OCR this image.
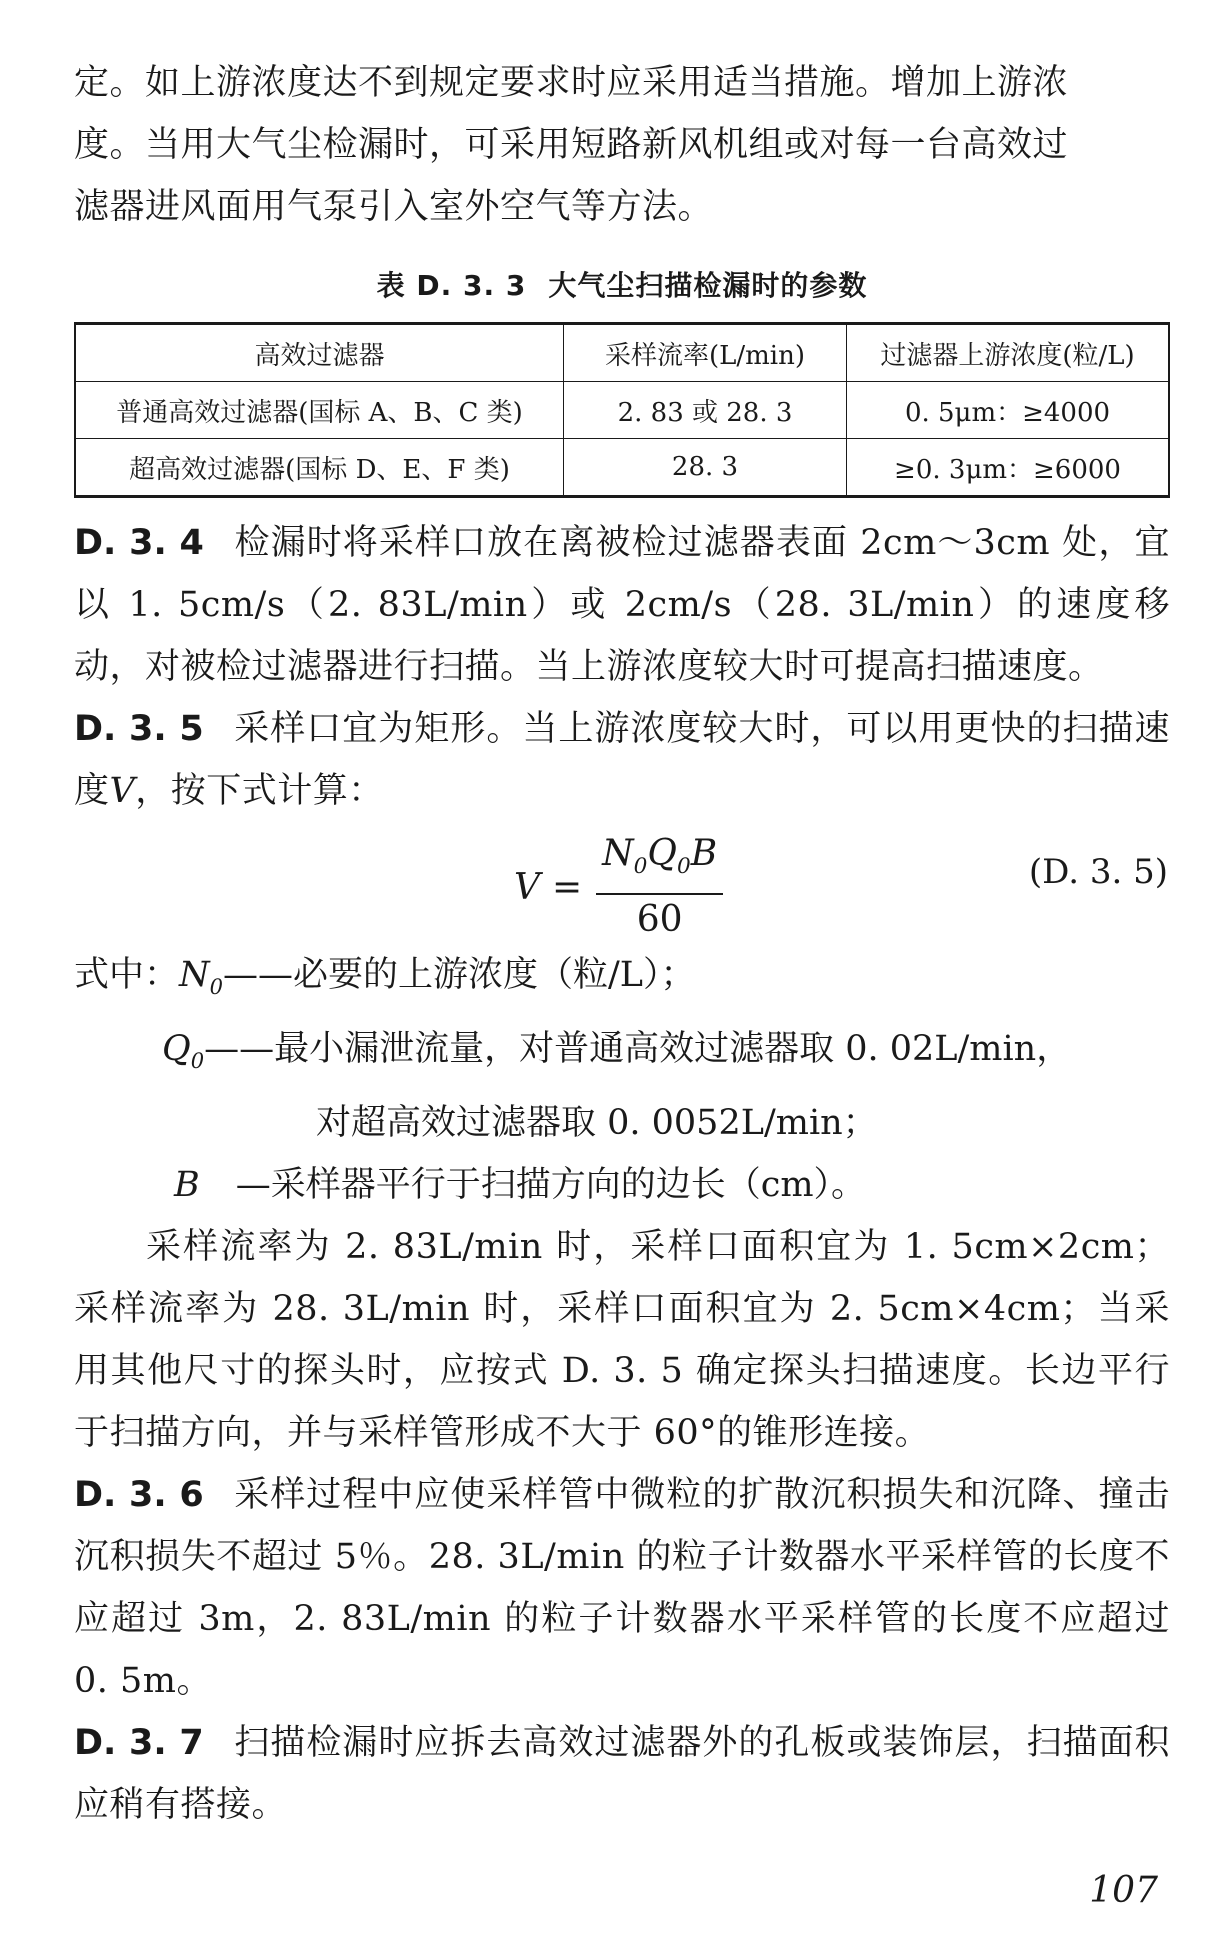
定。如上游浓度达不到规定要求时应采用适当措施。增加上游浓
度。当用大气尘检漏时，可采用短路新风机组或对每一台高效过
滤器进风面用气泵引入室外空气等方法。

表 D. 3. 3 大气尘扫描检漏时的参数
高效过滤器	采样流率(L/min)	过滤器上游浓度(粒/L)
普通高效过滤器(国标 A、B、C 类)	2. 83 或 28. 3	0. 5μm：≥4000
超高效过滤器(国标 D、E、F 类)	28. 3	≥0. 3μm：≥6000

D. 3. 4 检漏时将采样口放在离被检过滤器表面 2cm～3cm 处，宜以 1. 5cm/s（2. 83L/min）或 2cm/s（28. 3L/min）的速度移动，对被检过滤器进行扫描。当上游浓度较大时可提高扫描速度。

D. 3. 5 采样口宜为矩形。当上游浓度较大时，可以用更快的扫描速度V，按下式计算：

$V = \frac{N_0Q_0B}{60}$	(D. 3. 5)
式中： $N_0$ ——必要的上游浓度（粒/L）；
$Q_0$ ——最小漏泄流量，对普通高效过滤器取 0. 02L/min，
对超高效过滤器取 0. 0052L/min；
B —采样器平行于扫描方向的边长（cm）。

采样流率为 2. 83L/min 时，采样口面积宜为 1. 5cm×2cm；采样流率为 28. 3L/min 时，采样口面积宜为 2. 5cm×4cm；当采用其他尺寸的探头时，应按式 D. 3. 5 确定探头扫描速度。长边平行于扫描方向，并与采样管形成不大于 60°的锥形连接。

D. 3. 6 采样过程中应使采样管中微粒的扩散沉积损失和沉降、撞击沉积损失不超过 5％。28. 3L/min 的粒子计数器水平采样管的长度不应超过 3m，2. 83L/min 的粒子计数器水平采样管的长度不应超过 0. 5m。

D. 3. 7 扫描检漏时应拆去高效过滤器外的孔板或装饰层，扫描面积应稍有搭接。

107
